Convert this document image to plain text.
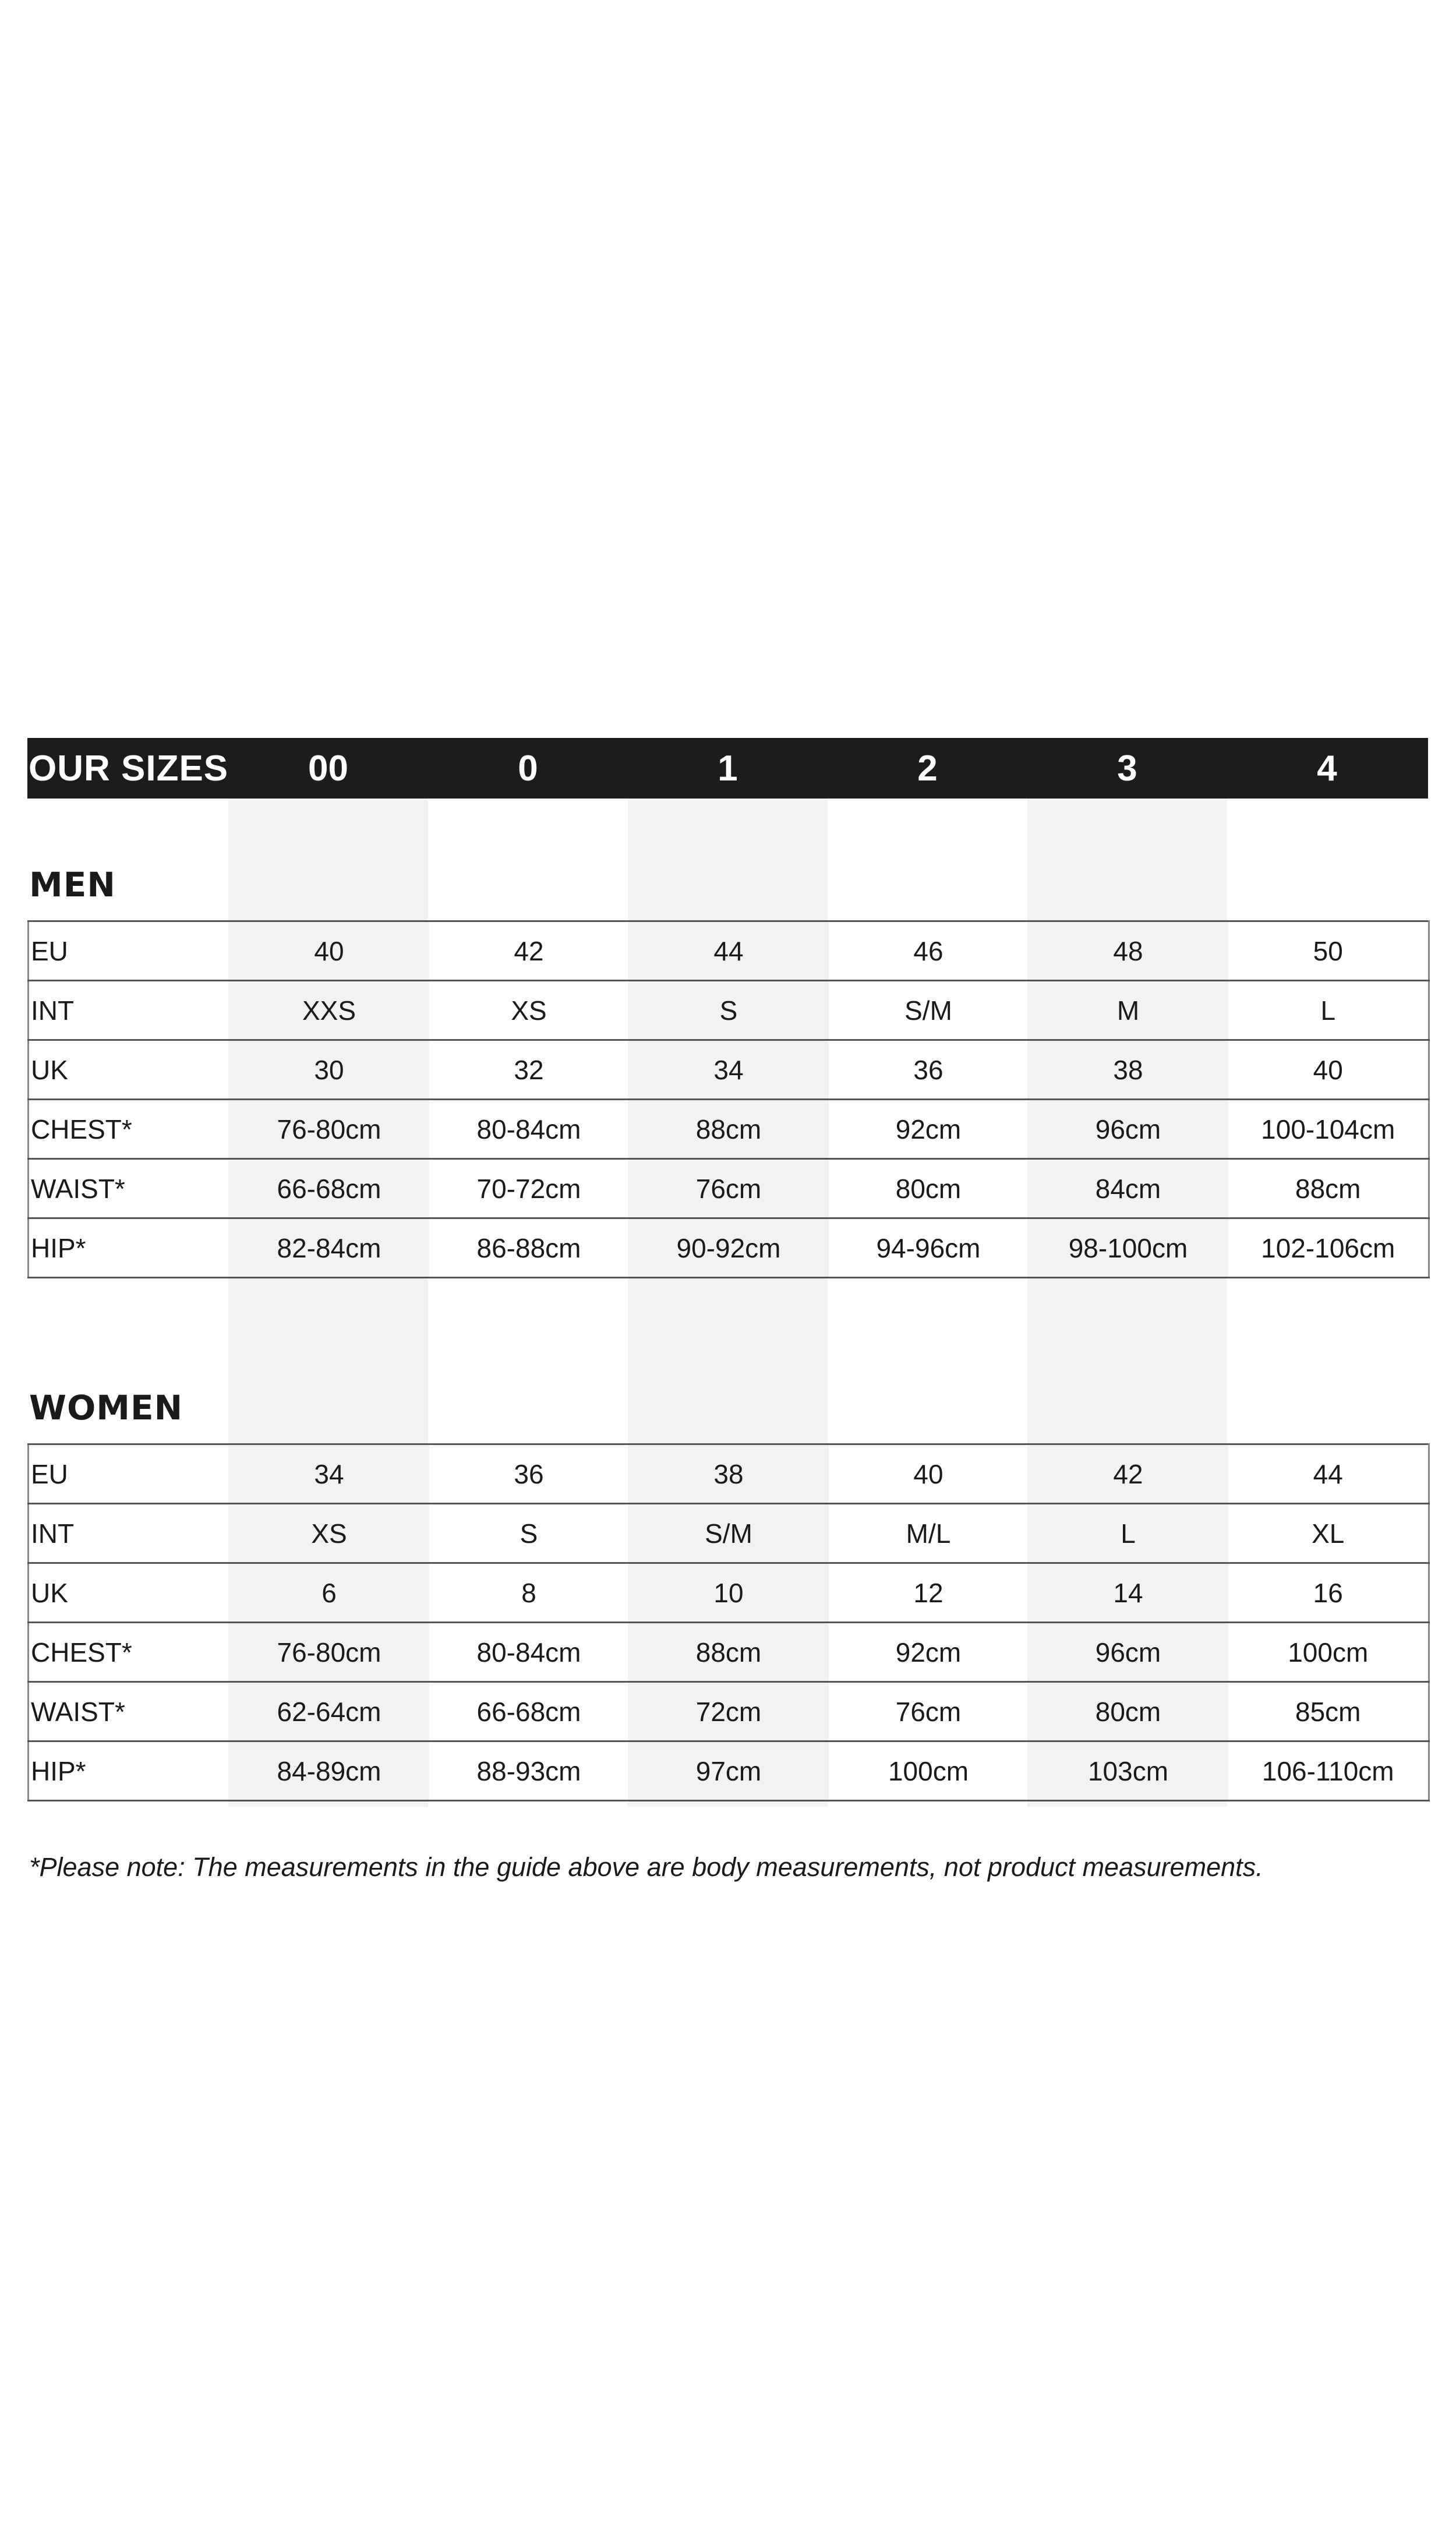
OUR SIZES	00	0	1	2	3	4
MEN
EU	40	42	44	46	48	50
INT	XXS	XS	S	S/M	M	L
UK	30	32	34	36	38	40
CHEST*	76-80cm	80-84cm	88cm	92cm	96cm	100-104cm
WAIST*	66-68cm	70-72cm	76cm	80cm	84cm	88cm
HIP*	82-84cm	86-88cm	90-92cm	94-96cm	98-100cm	102-106cm
WOMEN
EU	34	36	38	40	42	44
INT	XS	S	S/M	M/L	L	XL
UK	6	8	10	12	14	16
CHEST*	76-80cm	80-84cm	88cm	92cm	96cm	100cm
WAIST*	62-64cm	66-68cm	72cm	76cm	80cm	85cm
HIP*	84-89cm	88-93cm	97cm	100cm	103cm	106-110cm
*Please note: The measurements in the guide above are body measurements, not product measurements.
